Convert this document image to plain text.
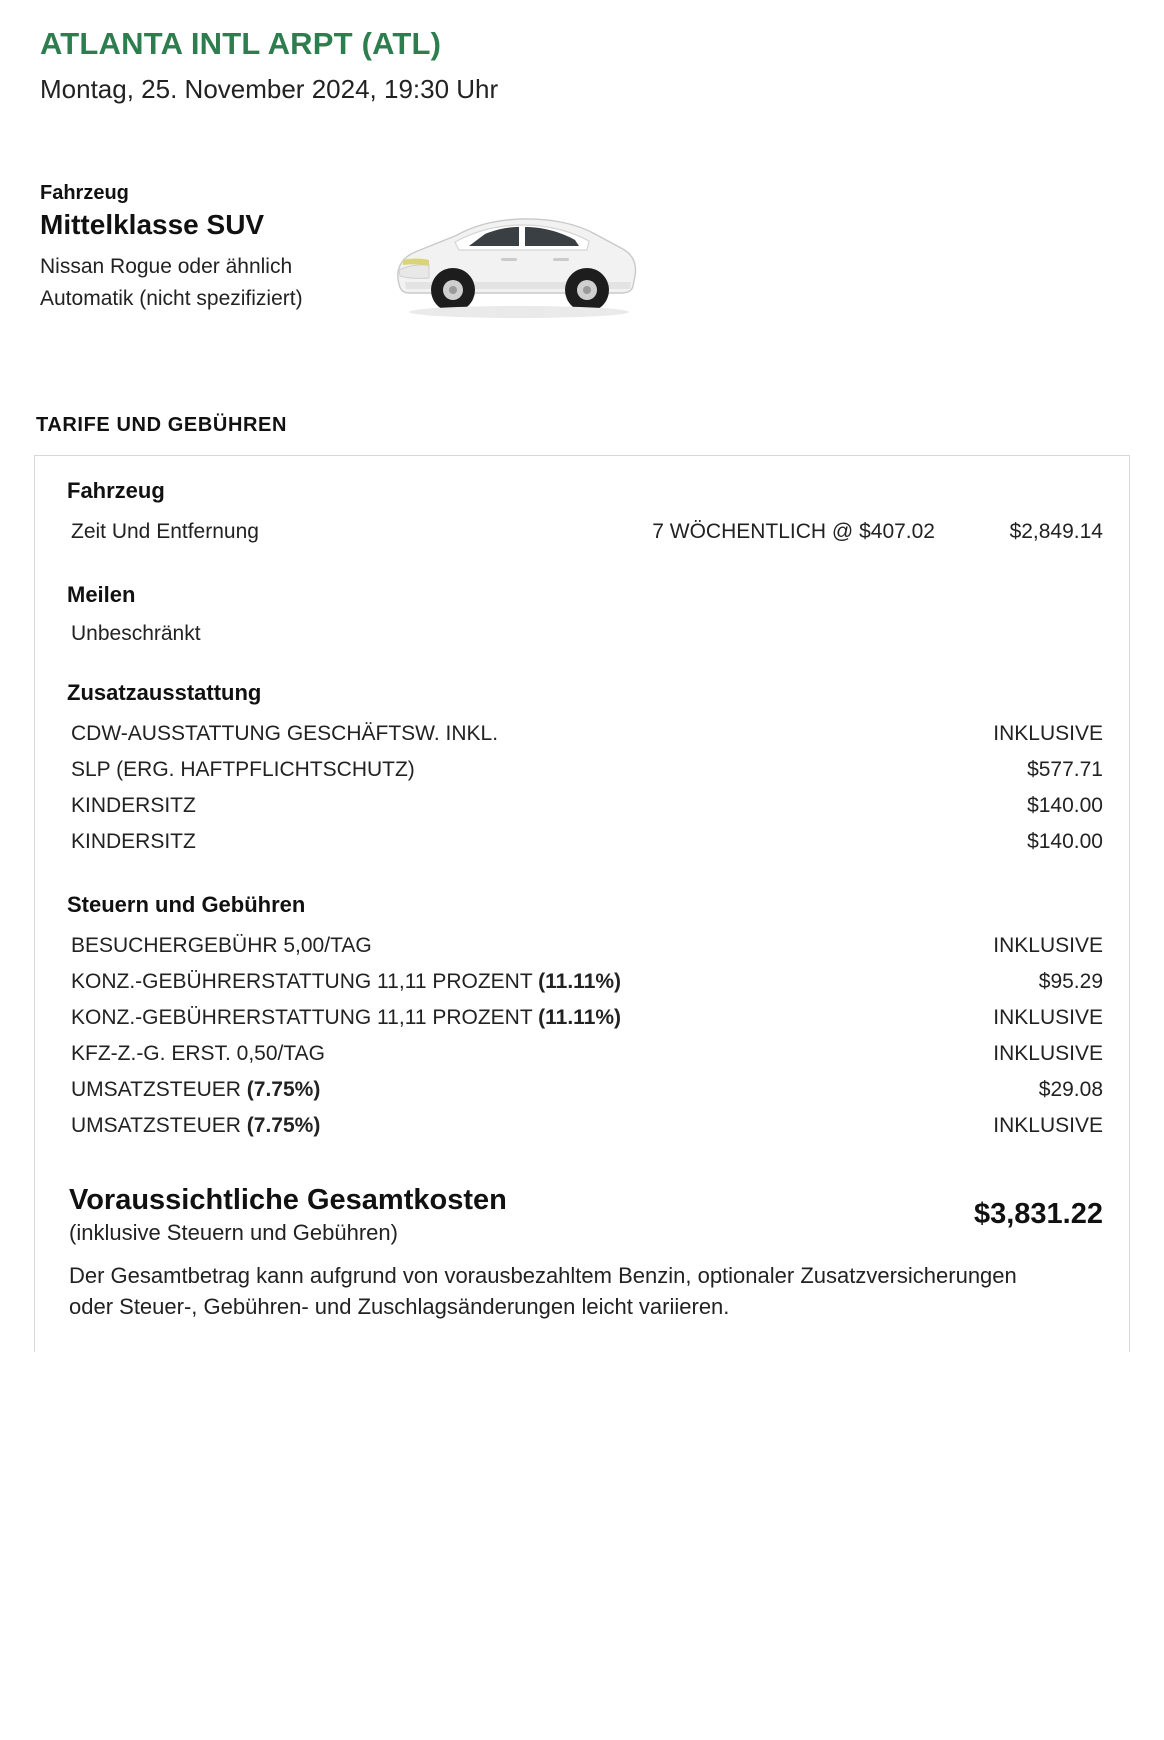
ATLANTA INTL ARPT (ATL)
Montag, 25. November 2024, 19:30 Uhr
Fahrzeug
Mittelklasse SUV
Nissan Rogue oder ähnlich
Automatik (nicht spezifiziert)
TARIFE UND GEBÜHREN
Fahrzeug
Zeit Und Entfernung	7 WÖCHENTLICH @ $407.02	$2,849.14
Meilen
Unbeschränkt
Zusatzausstattung
CDW-AUSSTATTUNG GESCHÄFTSW. INKL.	INKLUSIVE
SLP (ERG. HAFTPFLICHTSCHUTZ)	$577.71
KINDERSITZ	$140.00
KINDERSITZ	$140.00
Steuern und Gebühren
BESUCHERGEBÜHR 5,00/TAG	INKLUSIVE
KONZ.-GEBÜHRERSTATTUNG 11,11 PROZENT (11.11%)	$95.29
KONZ.-GEBÜHRERSTATTUNG 11,11 PROZENT (11.11%)	INKLUSIVE
KFZ-Z.-G. ERST. 0,50/TAG	INKLUSIVE
UMSATZSTEUER (7.75%)	$29.08
UMSATZSTEUER (7.75%)	INKLUSIVE
Voraussichtliche Gesamtkosten
(inklusive Steuern und Gebühren)
$3,831.22
Der Gesamtbetrag kann aufgrund von vorausbezahltem Benzin, optionaler Zusatzversicherungen oder Steuer-, Gebühren- und Zuschlagsänderungen leicht variieren.
